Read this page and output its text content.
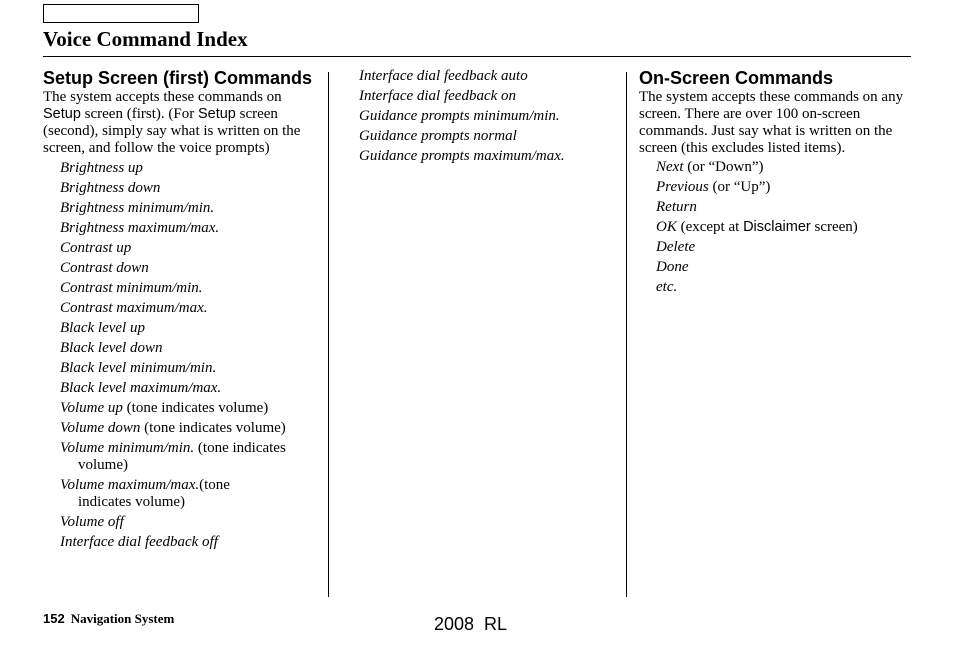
Voice Command Index
Setup Screen (first) Commands

The system accepts these commands on Setup screen (first). (For Setup screen (second), simply say what is written on the screen, and follow the voice prompts)

Brightness up
Brightness down
Brightness minimum/min.
Brightness maximum/max.
Contrast up
Contrast down
Contrast minimum/min.
Contrast maximum/max.
Black level up
Black level down
Black level minimum/min.
Black level maximum/max.
Volume up (tone indicates volume)
Volume down (tone indicates volume)
Volume minimum/min. (tone indicates
volume)
Volume maximum/max.(tone
indicates volume)
Volume off
Interface dial feedback off
Interface dial feedback auto
Interface dial feedback on
Guidance prompts minimum/min.
Guidance prompts normal
Guidance prompts maximum/max.
On-Screen Commands

The system accepts these commands on any screen. There are over 100 on-screen commands. Just say what is written on the screen (this excludes listed items).

Next (or “Down”)
Previous (or “Up”)
Return
OK (except at Disclaimer screen)
Delete
Done
etc.
152 Navigation System	2008  RL
